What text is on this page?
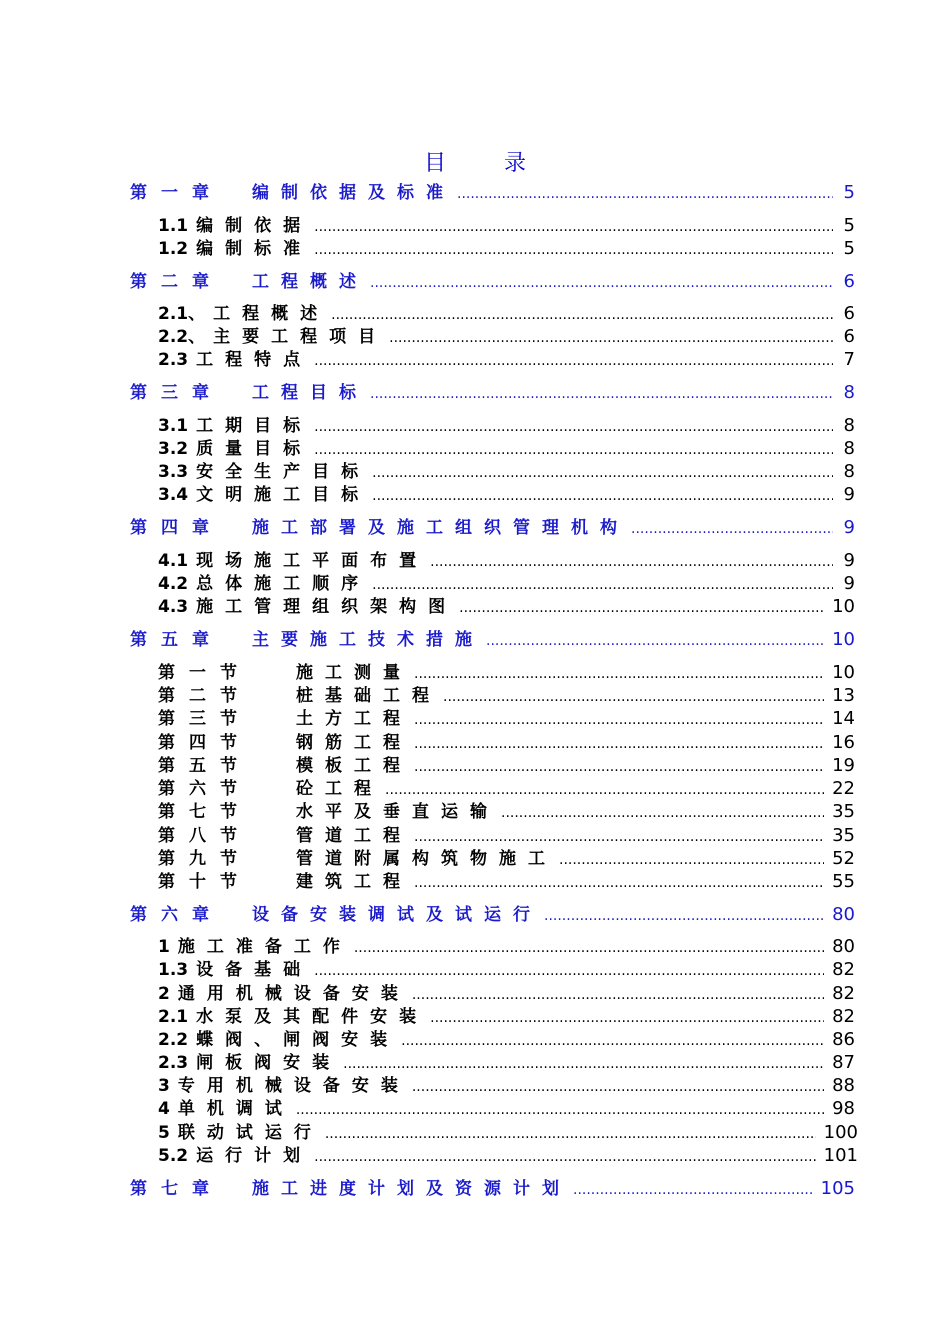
目录
第一章 编制依据及标准 .....	5
1.1 编制依据 .....	5
1.2 编制标准 .....	5
第二章 工程概述 .....	6
2.1、 工程概述 .....	6
2.2、 主要工程项目 .....	6
2.3 工程特点 .....	7
第三章 工程目标 .....	8
3.1 工期目标 .....	8
3.2 质量目标 .....	8
3.3 安全生产目标 .....	8
3.4 文明施工目标 .....	9
第四章 施工部署及施工组织管理机构 .....	9
4.1 现场施工平面布置 .....	9
4.2 总体施工顺序 .....	9
4.3 施工管理组织架构图 .....	10
第五章 主要施工技术措施 .....	10
第一节	施工测量 .....	10
第二节	桩基础工程 .....	13
第三节	土方工程 .....	14
第四节	钢筋工程 .....	16
第五节	模板工程 .....	19
第六节	砼工程 .....	22
第七节	水平及垂直运输 .....	35
第八节	管道工程 .....	35
第九节	管道附属构筑物施工 .....	52
第十节	建筑工程 .....	55
第六章 设备安装调试及试运行 .....	80
1 施工准备工作 .....	80
1.3 设备基础 .....	82
2 通用机械设备安装 .....	82
2.1 水泵及其配件安装 .....	82
2.2 蝶阀、闸阀安装 .....	86
2.3 闸板阀安装 .....	87
3 专用机械设备安装 .....	88
4 单机调试 .....	98
5 联动试运行 .....	100
5.2 运行计划 .....	101
第七章 施工进度计划及资源计划 .....	105
